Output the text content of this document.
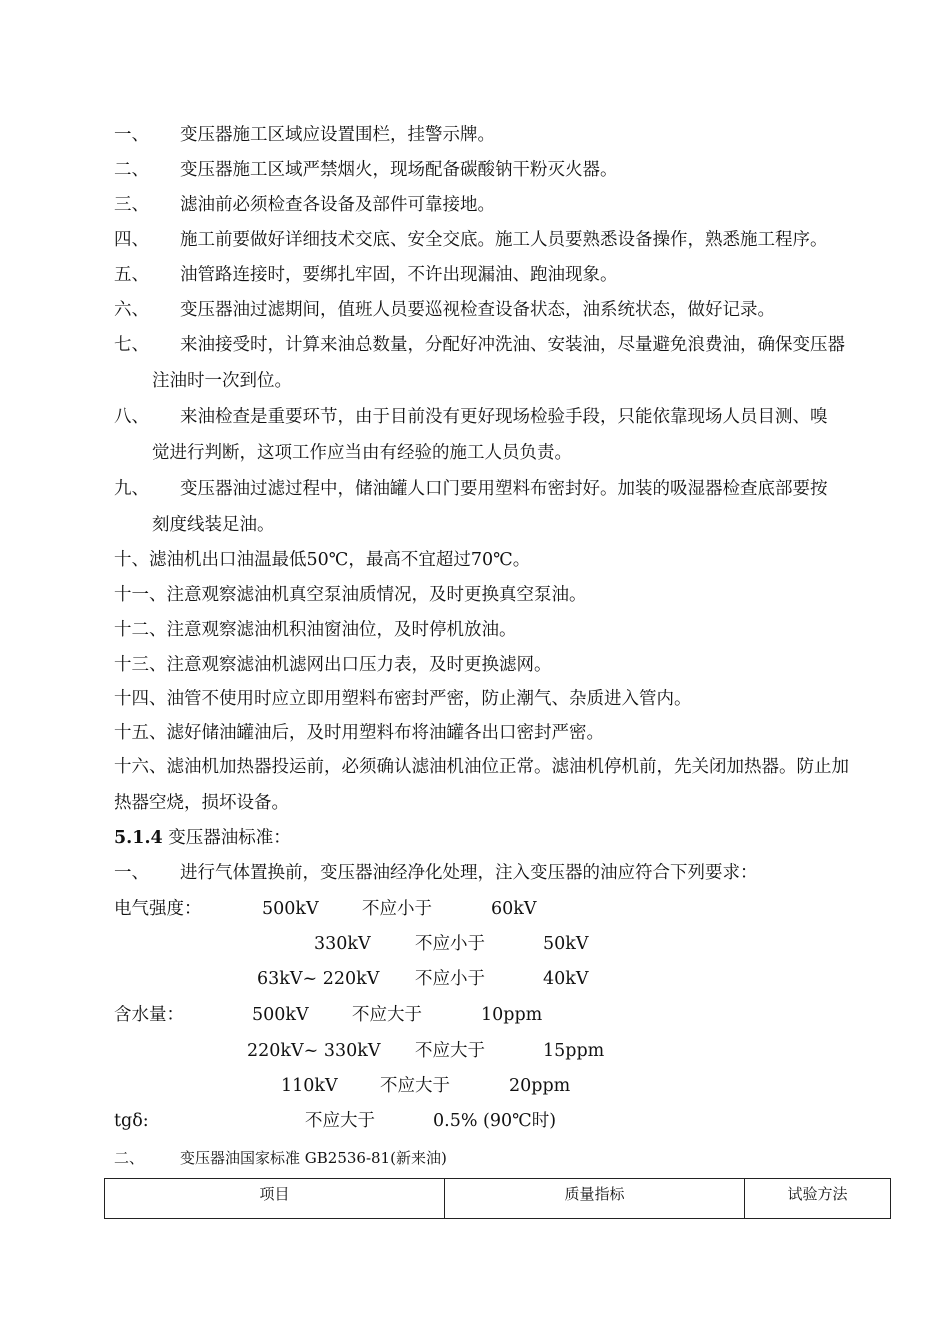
一、 变压器施工区域应设置围栏，挂警示牌。
二、 变压器施工区域严禁烟火，现场配备碳酸钠干粉灭火器。
三、 滤油前必须检查各设备及部件可靠接地。
四、 施工前要做好详细技术交底、安全交底。施工人员要熟悉设备操作，熟悉施工程序。
五、 油管路连接时，要绑扎牢固，不许出现漏油、跑油现象。
六、 变压器油过滤期间，值班人员要巡视检查设备状态，油系统状态，做好记录。
七、 来油接受时，计算来油总数量，分配好冲洗油、安装油，尽量避免浪费油，确保变压器
注油时一次到位。
八、 来油检查是重要环节，由于目前没有更好现场检验手段，只能依靠现场人员目测、嗅
觉进行判断，这项工作应当由有经验的施工人员负责。
九、 变压器油过滤过程中，储油罐人口门要用塑料布密封好。加装的吸湿器检查底部要按
刻度线装足油。
十、滤油机出口油温最低50℃，最高不宜超过70℃。
十一、注意观察滤油机真空泵油质情况，及时更换真空泵油。
十二、注意观察滤油机积油窗油位，及时停机放油。
十三、注意观察滤油机滤网出口压力表，及时更换滤网。
十四、油管不使用时应立即用塑料布密封严密，防止潮气、杂质进入管内。
十五、滤好储油罐油后，及时用塑料布将油罐各出口密封严密。
十六、滤油机加热器投运前，必须确认滤油机油位正常。滤油机停机前，先关闭加热器。防止加
热器空烧，损坏设备。
5.1.4 变压器油标准：
一、 进行气体置换前，变压器油经净化处理，注入变压器的油应符合下列要求：
电气强度：	500kV 不应小于	60kV
330kV	不应小于	50kV
63kV~ 220kV 不应小于	40kV
含水量：	500kV 不应大于	10ppm
220kV~ 330kV 不应大于	15ppm
110kV 不应大于	20ppm
tgδ:	不应大于	0.5% (90℃时)
二、 变压器油国家标准 GB2536-81(新来油)
项目	质量指标	试验方法
